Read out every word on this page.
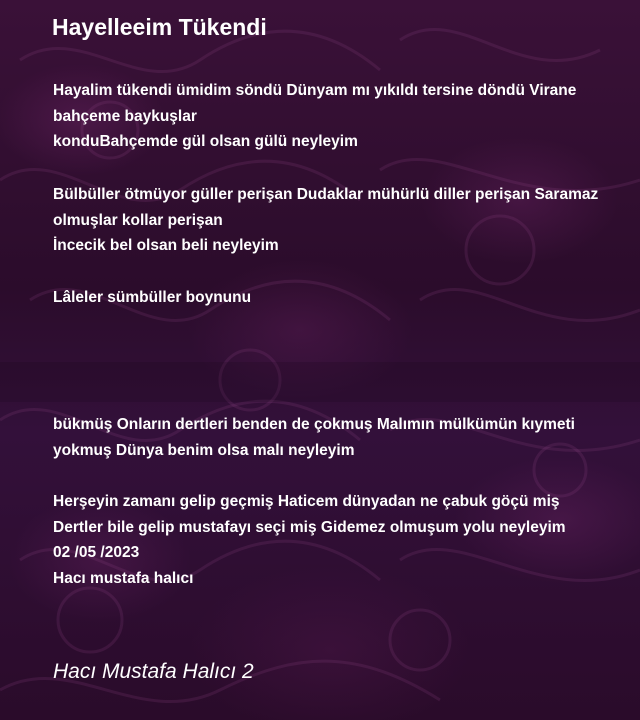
Hayelleeim Tükendi
Hayalim tükendi ümidim söndü Dünyam mı yıkıldı tersine döndü Virane bahçeme baykuşlar
konduBahçemde gül olsan gülü neyleyim
Bülbüller ötmüyor güller perişan Dudaklar mühürlü diller perişan Saramaz olmuşlar kollar perişan
İncecik bel olsan beli neyleyim
Lâleler sümbüller boynunu
bükmüş Onların dertleri benden de çokmuş Malımın mülkümün kıymeti yokmuş Dünya benim olsa malı neyleyim
Herşeyin zamanı gelip geçmiş Haticem dünyadan ne çabuk göçü miş
Dertler bile gelip mustafayı seçi miş Gidemez olmuşum yolu neyleyim
02 /05 /2023
Hacı mustafa halıcı
Hacı Mustafa Halıcı 2
